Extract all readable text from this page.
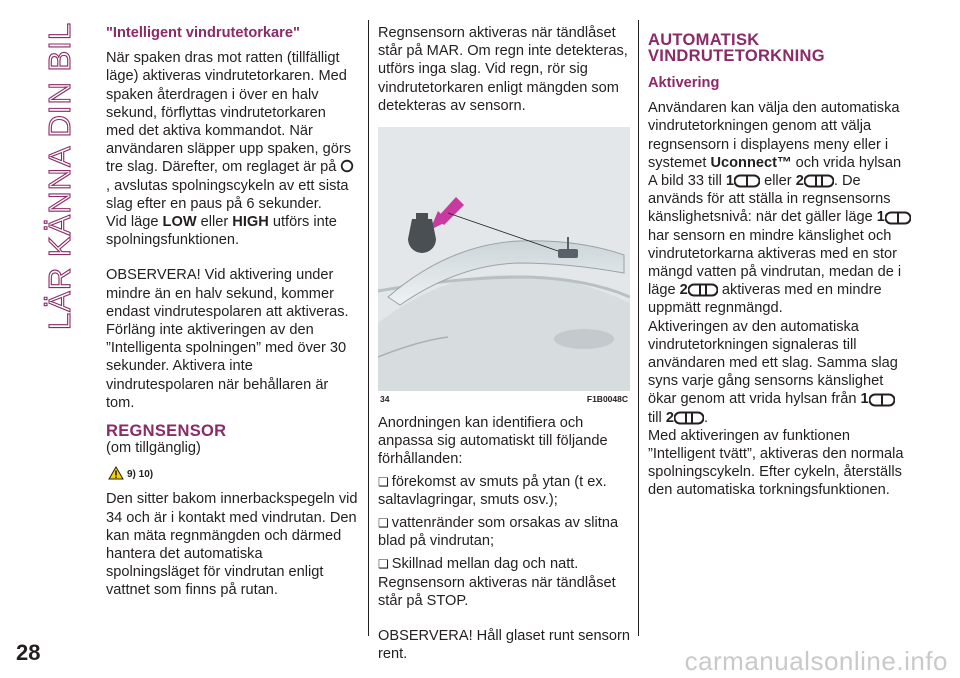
LÄR KÄNNA DIN BIL "Intelligent vindrutetorkare"

När spaken dras mot ratten (tillfälligt läge) aktiveras vindrutetorkaren. Med spaken återdragen i över en halv sekund, förflyttas vindrutetorkaren med det aktiva kommandot. När användaren släpper upp spaken, görs tre slag. Därefter, om reglaget är på , avslutas spolningscykeln av ett sista slag efter en paus på 6 sekunder.
Vid läge LOW eller HIGH utförs inte spolningsfunktionen.

OBSERVERA! Vid aktivering under mindre än en halv sekund, kommer endast vindrutespolaren att aktiveras. Förläng inte aktiveringen av den ”Intelligenta spolningen” med över 30 sekunder. Aktivera inte vindrutespolaren när behållaren är tom.

REGNSENSOR

(om tillgänglig)

9) 10)

Den sitter bakom innerbackspegeln vid 34 och är i kontakt med vindrutan. Den kan mäta regnmängden och därmed hantera det automatiska spolningsläget för vindrutan enligt vattnet som finns på rutan.

Regnsensorn aktiveras när tändlåset står på MAR. Om regn inte detekteras, utförs inga slag. Vid regn, rör sig vindrutetorkaren enligt mängden som detekteras av sensorn.

34	F1B0048C

Anordningen kan identifiera och anpassa sig automatiskt till följande förhållanden:

❑ förekomst av smuts på ytan (t ex. saltavlagringar, smuts osv.);

❑ vattenränder som orsakas av slitna blad på vindrutan;

❑ Skillnad mellan dag och natt.

Regnsensorn aktiveras när tändlåset står på STOP.

OBSERVERA! Håll glaset runt sensorn rent.

AUTOMATISK
VINDRUTETORKNING

Aktivering

Användaren kan välja den automatiska vindrutetorkningen genom att välja regnsensorn i displayens meny eller i systemet Uconnect™ och vrida hylsan A bild 33 till 1 eller 2 . De används för att ställa in regnsensorns känslighetsnivå: när det gäller läge 1
har sensorn en mindre känslighet och vindrutetorkarna aktiveras med en stor mängd vatten på vindrutan, medan de i läge 2 aktiveras med en mindre uppmätt regnmängd.
Aktiveringen av den automatiska vindrutetorkningen signaleras till användaren med ett slag. Samma slag syns varje gång sensorns känslighet ökar genom att vrida hylsan från 1
till 2 .
Med aktiveringen av funktionen ”Intelligent tvätt”, aktiveras den normala spolningscykeln. Efter cykeln, återställs den automatiska torkningsfunktionen.

28	carmanualsonline.info
